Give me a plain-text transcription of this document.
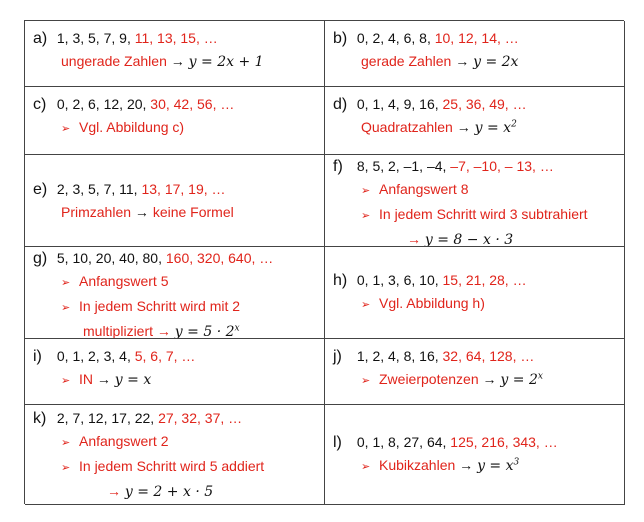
a) 1, 3, 5, 7, 9, 11, 13, 15, …
ungerade Zahlen → y = 2x + 1
b) 0, 2, 4, 6, 8, 10, 12, 14, …
gerade Zahlen → y = 2x
c) 0, 2, 6, 12, 20, 30, 42, 56, …
➢ Vgl. Abbildung c)
d) 0, 1, 4, 9, 16, 25, 36, 49, …
Quadratzahlen → $y = x^2$
e) 2, 3, 5, 7, 11, 13, 17, 19, …
Primzahlen → keine Formel
f) 8, 5, 2, –1, –4, –7, –10, – 13, …
➢ Anfangswert 8
➢ In jedem Schritt wird 3 subtrahiert
→ y = 8 − x · 3
g) 5, 10, 20, 40, 80, 160, 320, 640, …
➢ Anfangswert 5
➢ In jedem Schritt wird mit 2
multipliziert → $y = 5 \cdot 2^x$
h) 0, 1, 3, 6, 10, 15, 21, 28, …
➢ Vgl. Abbildung h)
i) 0, 1, 2, 3, 4, 5, 6, 7, …
➢ IN → y = x
j) 1, 2, 4, 8, 16, 32, 64, 128, …
➢ Zweierpotenzen → $y = 2^x$
k) 2, 7, 12, 17, 22, 27, 32, 37, …
➢ Anfangswert 2
➢ In jedem Schritt wird 5 addiert
→ y = 2 + x · 5
l) 0, 1, 8, 27, 64, 125, 216, 343, …
➢ Kubikzahlen → $y = x^3$
